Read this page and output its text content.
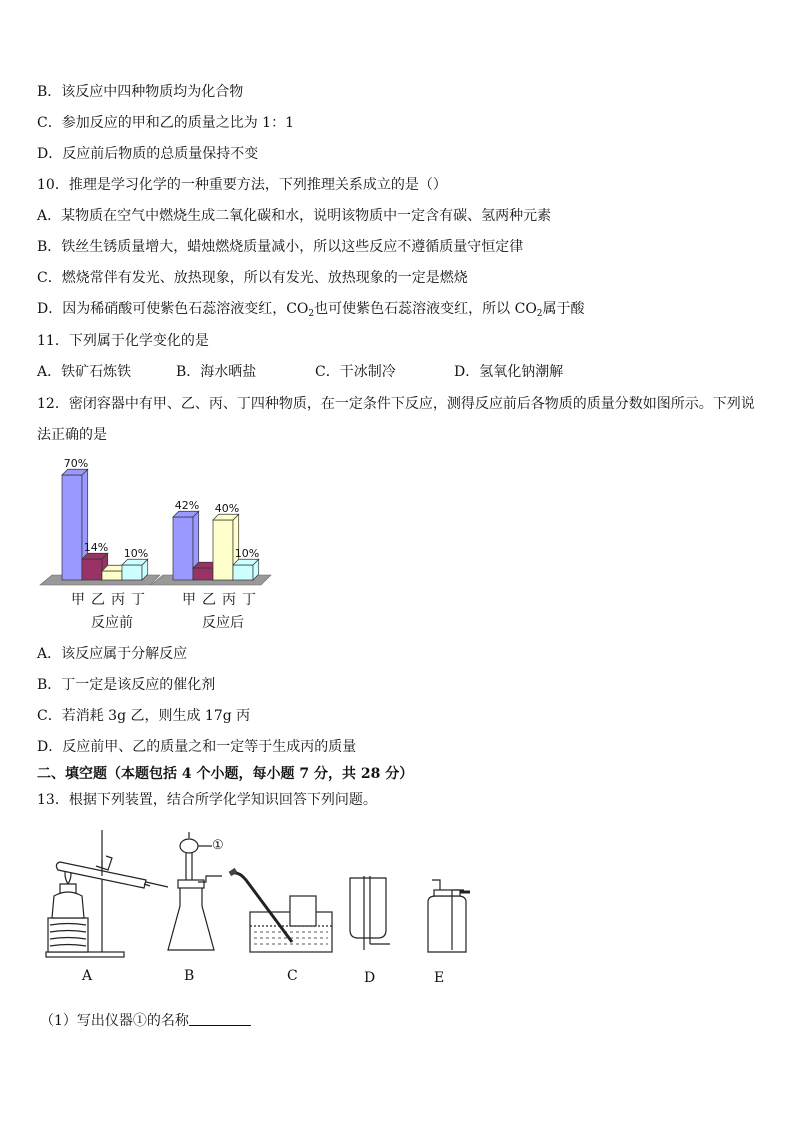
B．该反应中四种物质均为化合物
C．参加反应的甲和乙的质量之比为 1：1
D．反应前后物质的总质量保持不变
10．推理是学习化学的一种重要方法，下列推理关系成立的是（）
A．某物质在空气中燃烧生成二氧化碳和水，说明该物质中一定含有碳、氢两种元素
B．铁丝生锈质量增大，蜡烛燃烧质量减小，所以这些反应不遵循质量守恒定律
C．燃烧常伴有发光、放热现象，所以有发光、放热现象的一定是燃烧
D．因为稀硝酸可使紫色石蕊溶液变红，$CO_2$也可使紫色石蕊溶液变红，所以 $CO_2$属于酸
11．下列属于化学变化的是
A．铁矿石炼铁	B．海水晒盐	C．干冰制冷	D．氢氧化钠潮解
12．密闭容器中有甲、乙、丙、丁四种物质，在一定条件下反应，测得反应前后各物质的质量分数如图所示。下列说
法正确的是
70%
甲
14%
乙 丙
10%
丁
反应前
42%
甲 乙
40%
丙
10%
丁
反应后
A．该反应属于分解反应
B．丁一定是该反应的催化剂
C．若消耗 3g 乙，则生成 17g 丙
D．反应前甲、乙的质量之和一定等于生成丙的质量
二、填空题（本题包括 4 个小题，每小题 7 分，共 28 分）
13．根据下列装置，结合所学化学知识回答下列问题。
①
A	B	C	D	E
（1）写出仪器①的名称
